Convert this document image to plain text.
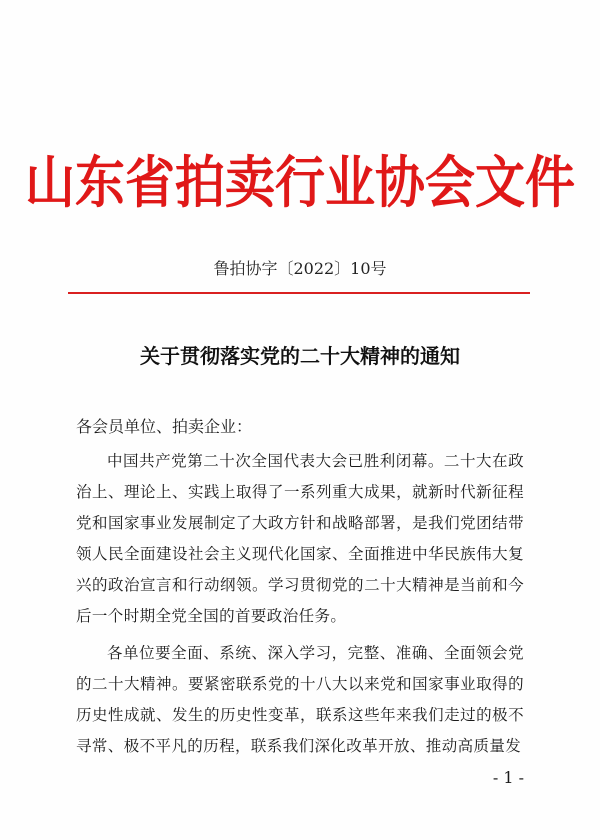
山东省拍卖行业协会文件
鲁拍协字〔2022〕10号
关于贯彻落实党的二十大精神的通知
各会员单位、拍卖企业：

中国共产党第二十次全国代表大会已胜利闭幕。二十大在政治上、理论上、实践上取得了一系列重大成果，就新时代新征程党和国家事业发展制定了大政方针和战略部署，是我们党团结带领人民全面建设社会主义现代化国家、全面推进中华民族伟大复兴的政治宣言和行动纲领。学习贯彻党的二十大精神是当前和今后一个时期全党全国的首要政治任务。

各单位要全面、系统、深入学习，完整、准确、全面领会党的二十大精神。要紧密联系党的十八大以来党和国家事业取得的历史性成就、发生的历史性变革，联系这些年来我们走过的极不寻常、极不平凡的历程，联系我们深化改革开放、推动高质量发

- 1 -
